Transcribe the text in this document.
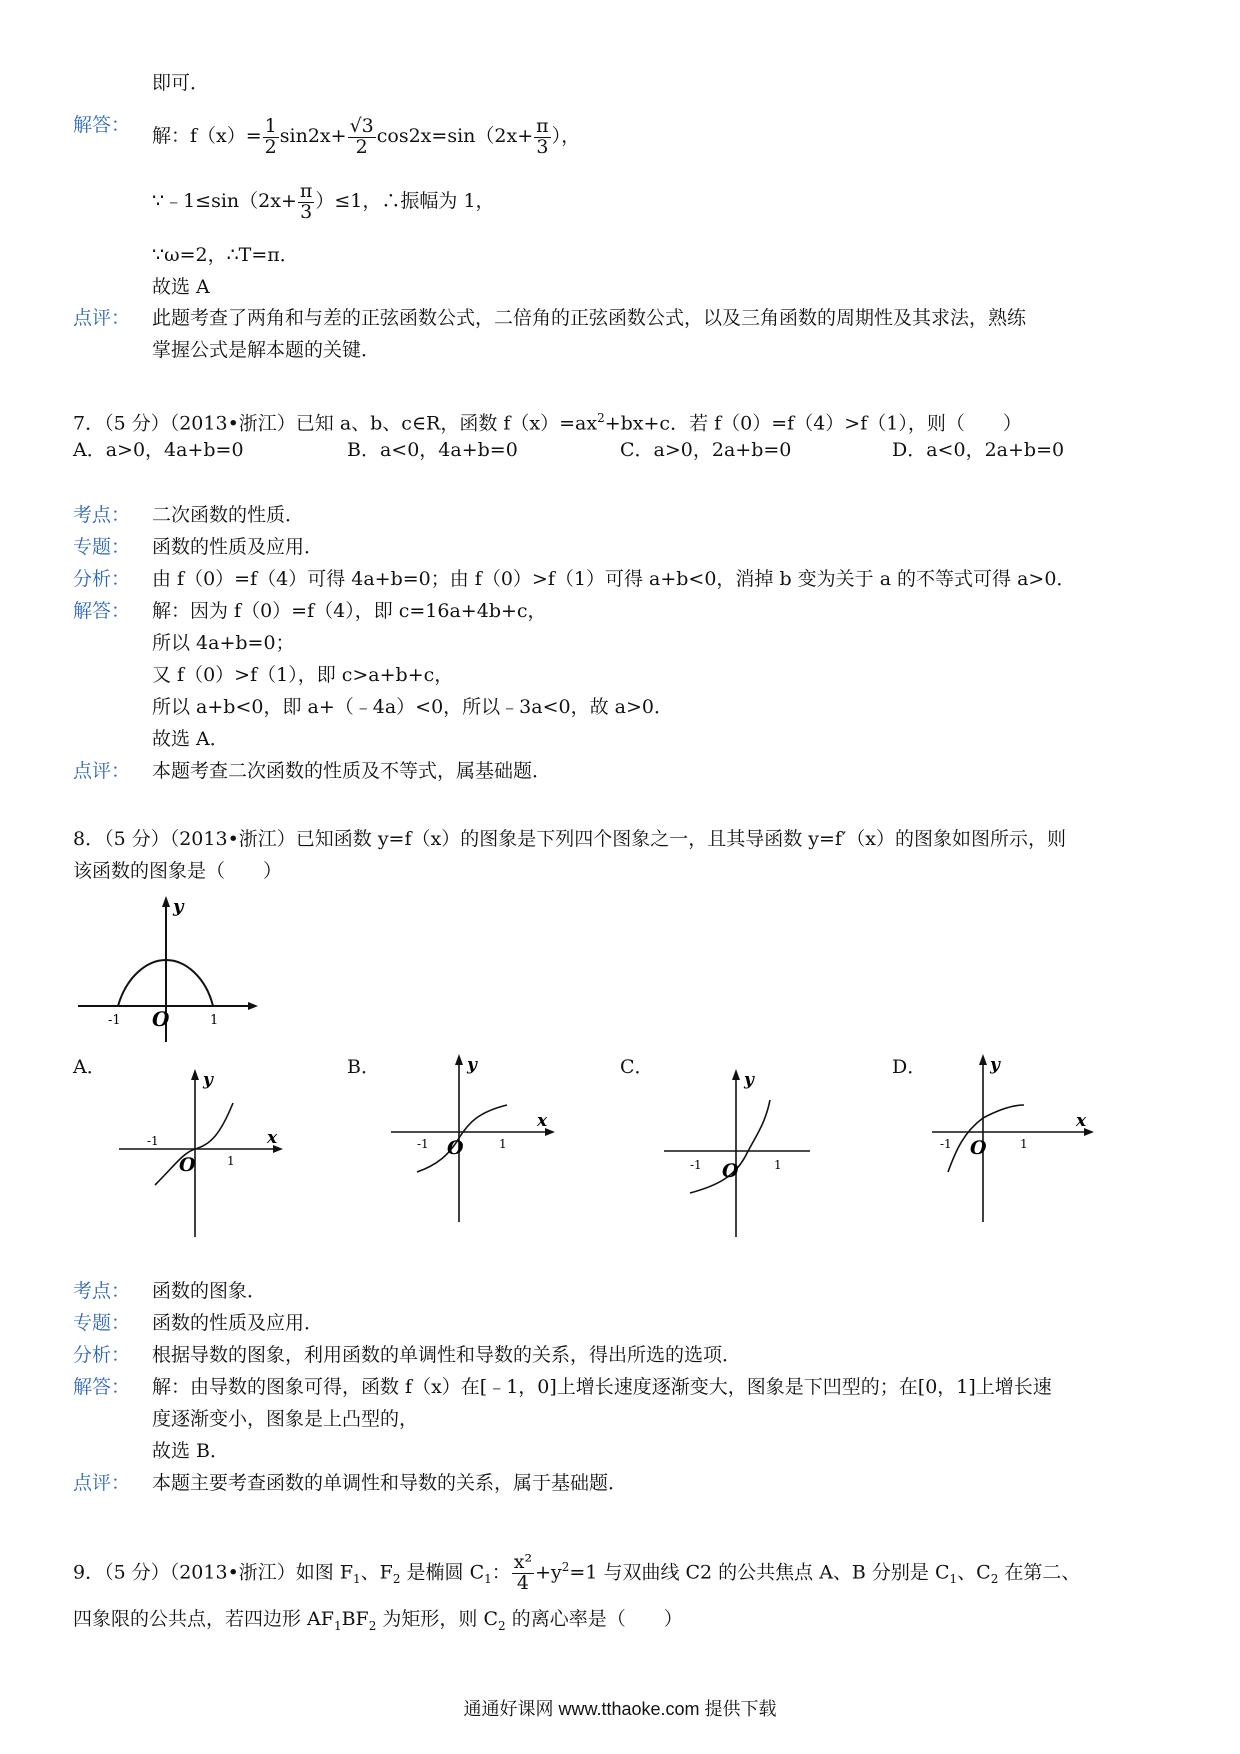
即可．
解答： 解：$f(x)= \frac{1}{2} \sin 2x+ \frac{√3}{2} \cos 2x=\sin(2x+ \frac{\pi}{3}$ ），
∵﹣1≤sin（2x+ $\frac{\pi}{3} )\le 1$，∴振幅为 1，
∵ω=2，∴T=π．
故选 A
点评： 此题考查了两角和与差的正弦函数公式，二倍角的正弦函数公式，以及三角函数的周期性及其求法，熟练
掌握公式是解本题的关键．
7．（5 分）（2013•浙江）已知 a、b、c∈R，函数 $f(x)=ax^2+bx+c$．若 f（0）=f（4）>f（1），则（　　）
A．a>0，4a+b=0	B．a<0，4a+b=0	C．a>0，2a+b=0	D．a<0，2a+b=0
考点： 二次函数的性质．
专题： 函数的性质及应用．
分析： 由 f（0）=f（4）可得 4a+b=0；由 f（0）>f（1）可得 a+b<0，消掉 b 变为关于 a 的不等式可得 a>0．
解答： 解：因为 f（0）=f（4），即 c=16a+4b+c，
所以 4a+b=0；
又 f（0）>f（1），即 c>a+b+c，
所以 a+b<0，即 a+（﹣4a）<0，所以﹣3a<0，故 a>0．
故选 A．
点评： 本题考查二次函数的性质及不等式，属基础题．
8．（5 分）（2013•浙江）已知函数 y=f（x）的图象是下列四个图象之一，且其导函数 y=f′（x）的图象如图所示，则
该函数的图象是（　　）
y
-1	1
O
A．	B．	C．	D．
y
x
-1
1
O
y
x
-1	1
O
y
-1	1
O
y
x
-1	1
O
考点： 函数的图象．
专题： 函数的性质及应用．
分析： 根据导数的图象，利用函数的单调性和导数的关系，得出所选的选项．
解答： 解：由导数的图象可得，函数 f（x）在[﹣1，0]上增长速度逐渐变大，图象是下凹型的；在[0，1]上增长速
度逐渐变小，图象是上凸型的，
故选 B．
点评： 本题主要考查函数的单调性和导数的关系，属于基础题．
9．（5 分）（2013•浙江）如图 $F_1$、$F_2$ 是椭圆 $C_1$： $\frac{\text{x²}}{4} +y^2=1$ 与双曲线 C2 的公共焦点 A、B 分别是 $C_1$、$C_2$ 在第二、
四象限的公共点，若四边形 $AF_1BF_2$ 为矩形，则 $C_2$ 的离心率是（　　）
通通好课网 www.tthaoke.com 提供下载
